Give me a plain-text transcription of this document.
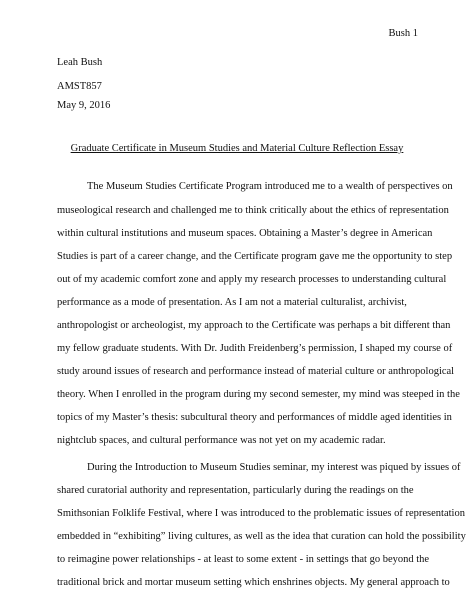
Bush 1
Leah Bush
AMST857
May 9, 2016
Graduate Certificate in Museum Studies and Material Culture Reflection Essay
The Museum Studies Certificate Program introduced me to a wealth of perspectives on
museological research and challenged me to think critically about the ethics of representation
within cultural institutions and museum spaces. Obtaining a Master’s degree in American
Studies is part of a career change, and the Certificate program gave me the opportunity to step
out of my academic comfort zone and apply my research processes to understanding cultural
performance as a mode of presentation. As I am not a material culturalist, archivist,
anthropologist or archeologist, my approach to the Certificate was perhaps a bit different than
my fellow graduate students. With Dr. Judith Freidenberg’s permission, I shaped my course of
study around issues of research and performance instead of material culture or anthropological
theory. When I enrolled in the program during my second semester, my mind was steeped in the
topics of my Master’s thesis: subcultural theory and performances of middle aged identities in
nightclub spaces, and cultural performance was not yet on my academic radar.
During the Introduction to Museum Studies seminar, my interest was piqued by issues of
shared curatorial authority and representation, particularly during the readings on the
Smithsonian Folklife Festival, where I was introduced to the problematic issues of representation
embedded in “exhibiting” living cultures, as well as the idea that curation can hold the possibility
to reimagine power relationships - at least to some extent - in settings that go beyond the
traditional brick and mortar museum setting which enshrines objects. My general approach to
